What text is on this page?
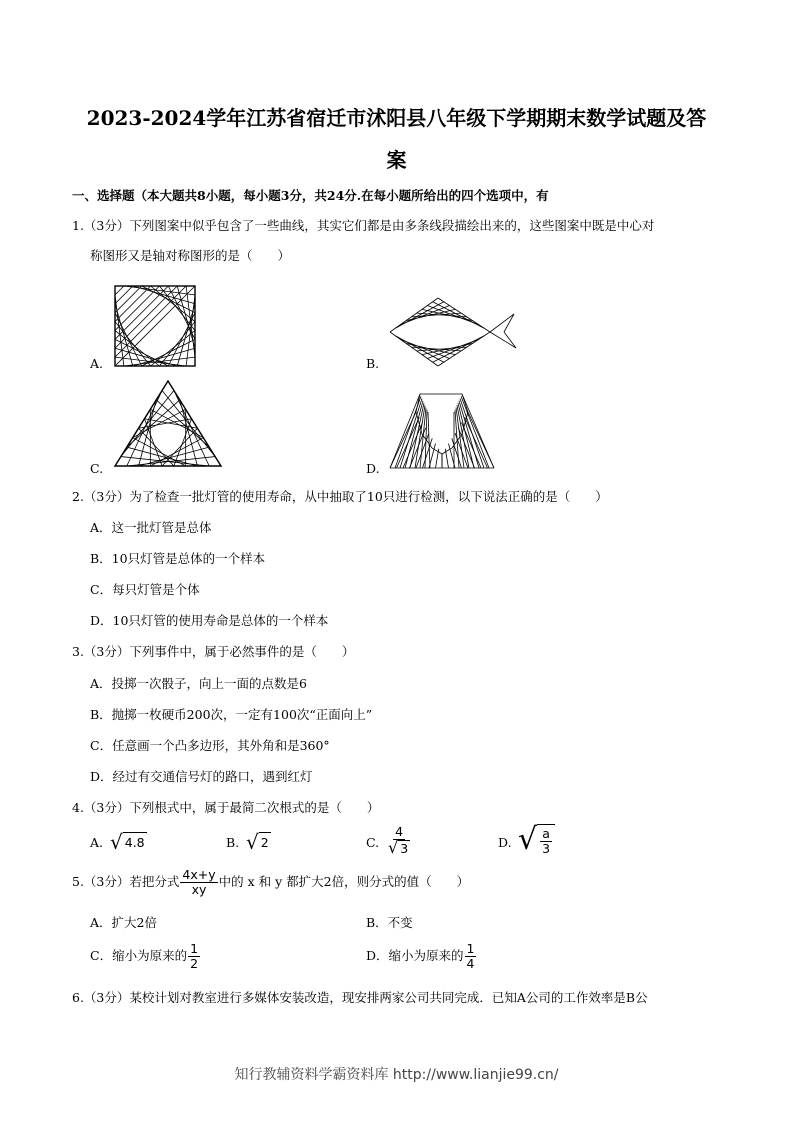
2023-2024学年江苏省宿迁市沭阳县八年级下学期期末数学试题及答
案
一、选择题（本大题共8小题，每小题3分，共24分.在每小题所给出的四个选项中，有
1.（3分）下列图案中似乎包含了一些曲线，其实它们都是由多条线段描绘出来的，这些图案中既是中心对
称图形又是轴对称图形的是（　　）
A.	B.
C.	D.
2.（3分）为了检查一批灯管的使用寿命，从中抽取了10只进行检测，以下说法正确的是（　　）
A．这一批灯管是总体
B．10只灯管是总体的一个样本
C．每只灯管是个体
D．10只灯管的使用寿命是总体的一个样本
3.（3分）下列事件中，属于必然事件的是（　　）
A．投掷一次骰子，向上一面的点数是6
B．抛掷一枚硬币200次，一定有100次“正面向上”
C．任意画一个凸多边形，其外角和是360°
D．经过有交通信号灯的路口，遇到红灯
4.（3分）下列根式中，属于最简二次根式的是（　　）
A. √ 4.8	B. √ 2	C. $\frac{4}{√ 3}$	D. √ $\frac{a}{3}$
5.（3分）若把分式 $\frac{4x+y}{xy}$ 中的 x 和 y 都扩大2倍，则分式的值（　　）
A．扩大2倍	B．不变
C．缩小为原来的 $\frac{1}{2}$	D．缩小为原来的 $\frac{1}{4}$
6.（3分）某校计划对教室进行多媒体安装改造，现安排两家公司共同完成．已知A公司的工作效率是B公
知行教辅资料学霸资料库 http://www.lianjie99.cn/
